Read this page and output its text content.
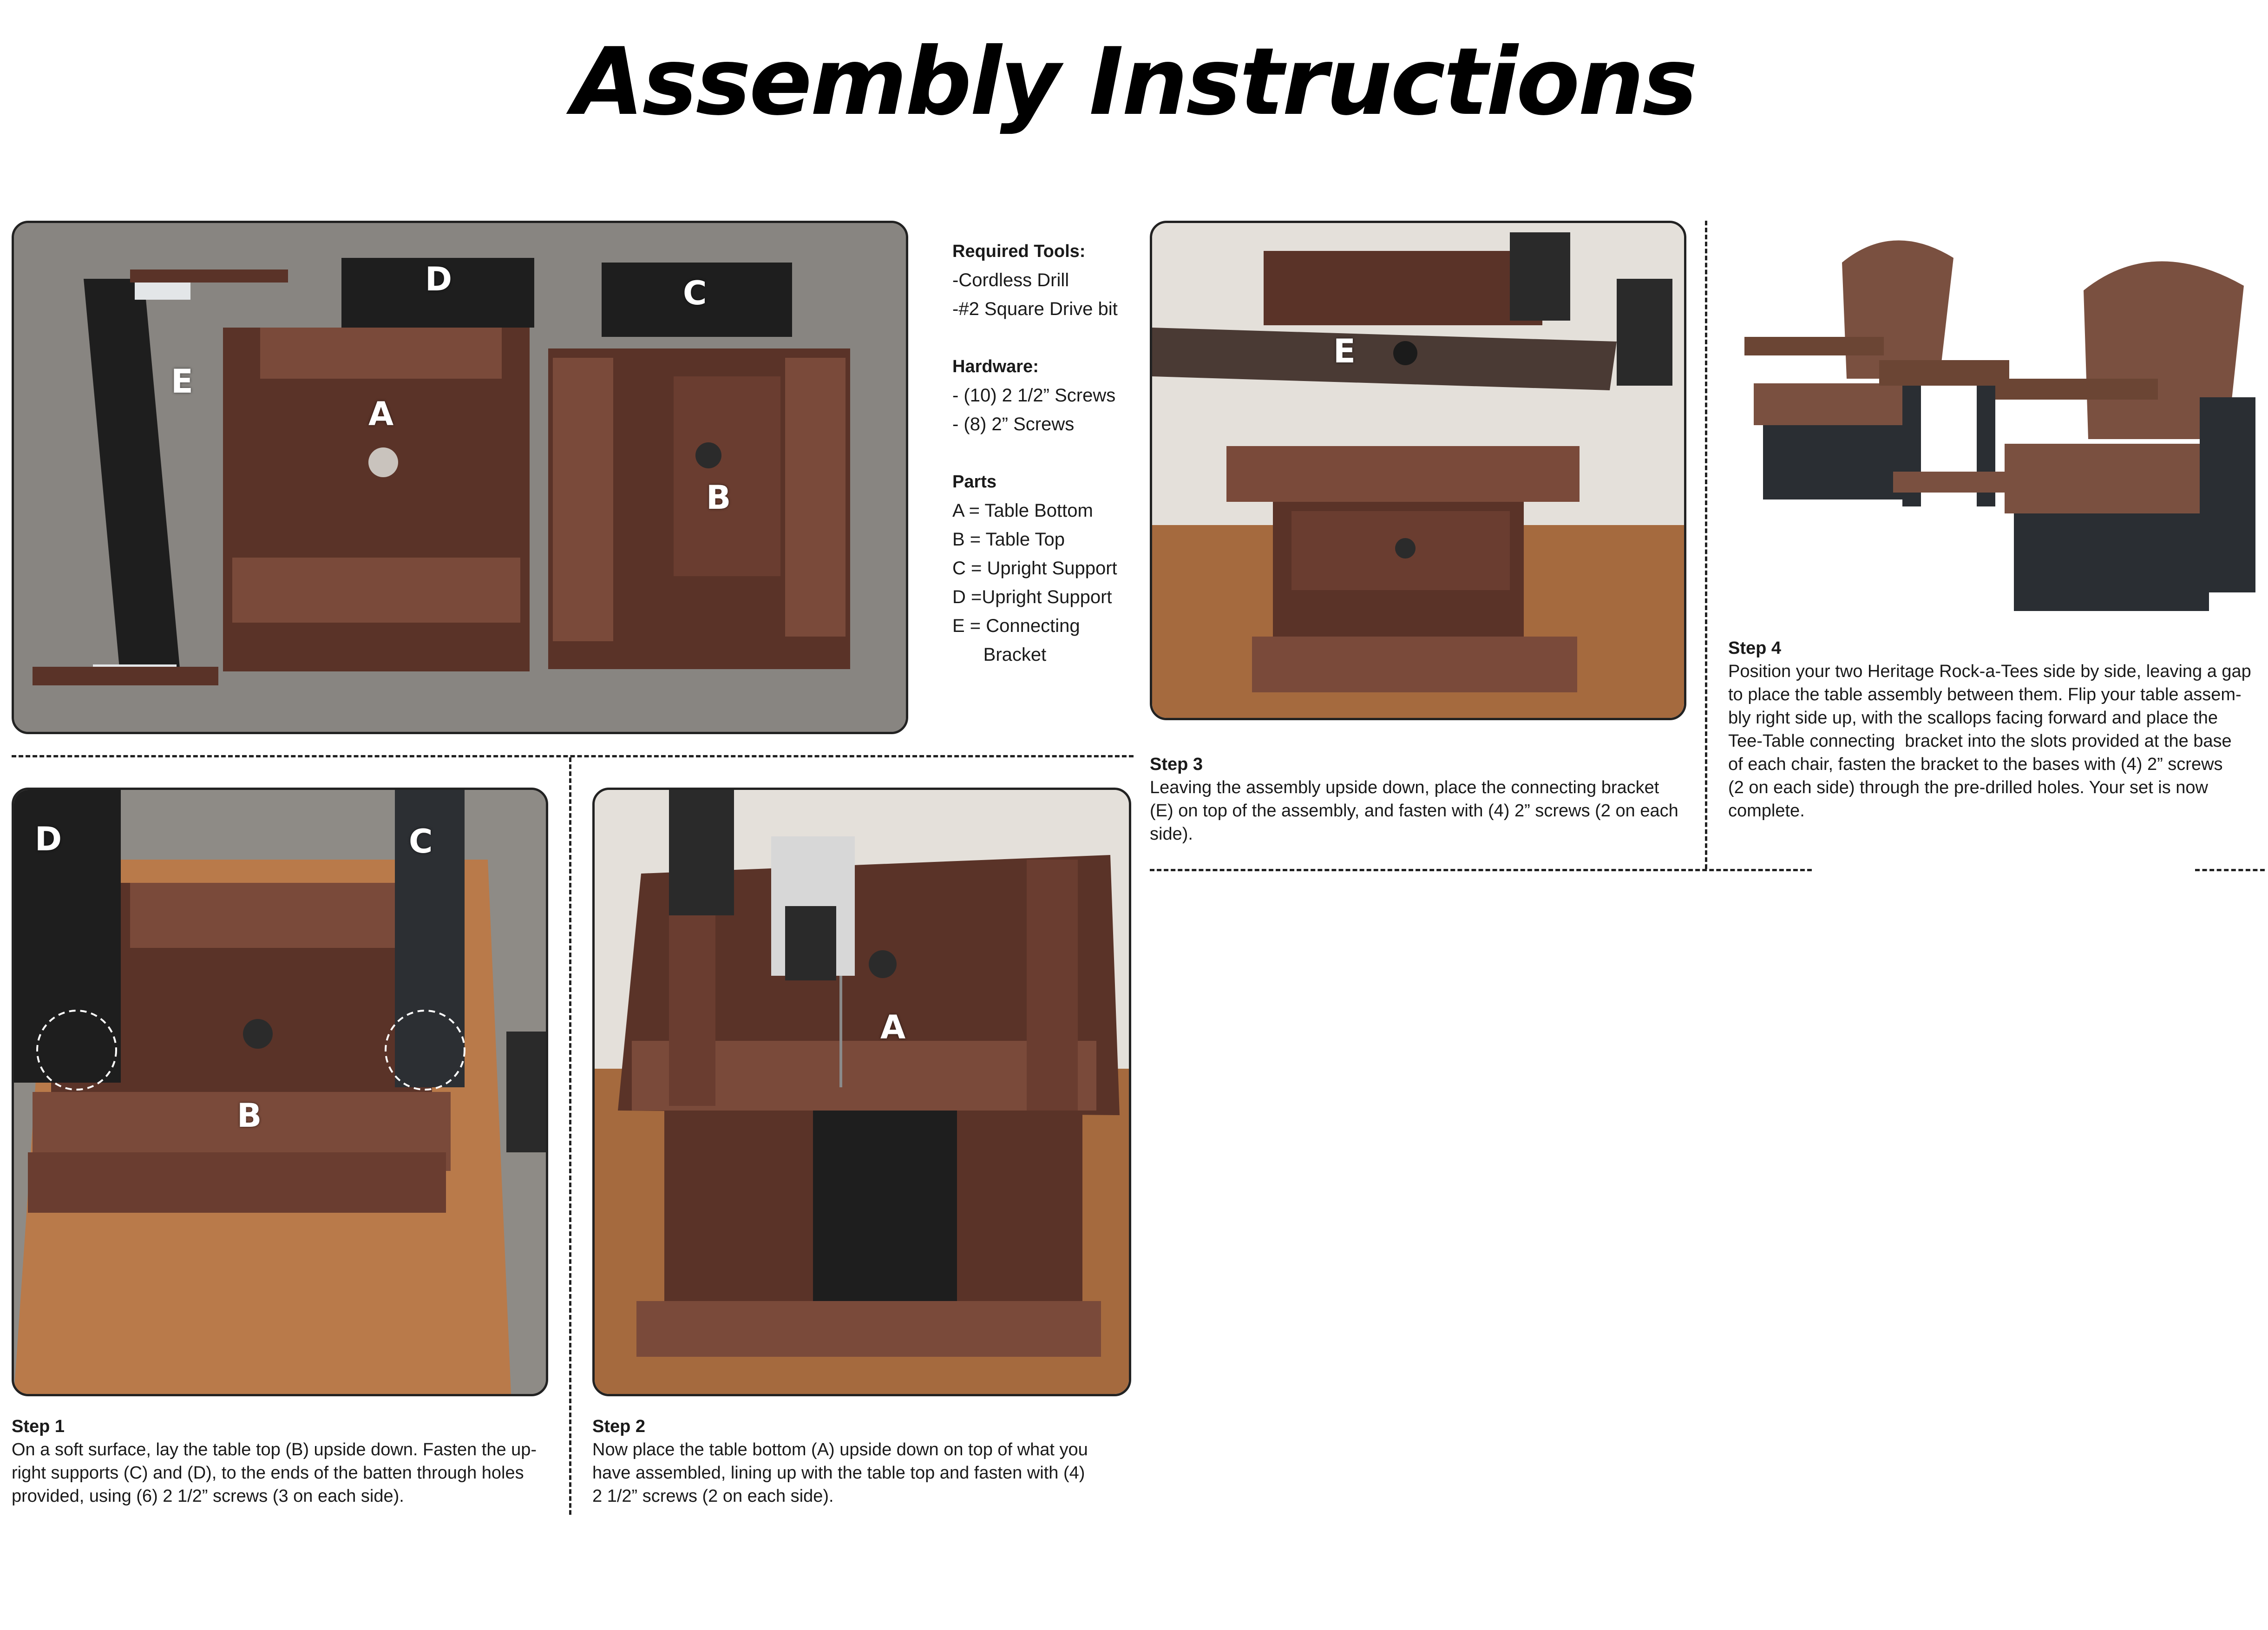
Assembly Instructions
D	C
E
A
B
Required Tools:
-Cordless Drill
-#2 Square Drive bit

Hardware:
- (10) 2 1/2” Screws
- (8) 2” Screws

Parts
A = Table Bottom
B = Table Top
C = Upright Support
D =Upright Support
E = Connecting
Bracket
E
D	C
B
A
Step 1
On a soft surface, lay the table top (B) upside down. Fasten the up-
right supports (C) and (D), to the ends of the batten through holes
provided, using (6) 2 1/2” screws (3 on each side).
Step 2
Now place the table bottom (A) upside down on top of what you
have assembled, lining up with the table top and fasten with (4)
2 1/2” screws (2 on each side).
Step 3
Leaving the assembly upside down, place the connecting bracket
(E) on top of the assembly, and fasten with (4) 2” screws (2 on each
side).
Step 4
Position your two Heritage Rock-a-Tees side by side, leaving a gap
to place the table assembly between them. Flip your table assem-
bly right side up, with the scallops facing forward and place the
Tee-Table connecting  bracket into the slots provided at the base
of each chair, fasten the bracket to the bases with (4) 2” screws
(2 on each side) through the pre-drilled holes. Your set is now
complete.
